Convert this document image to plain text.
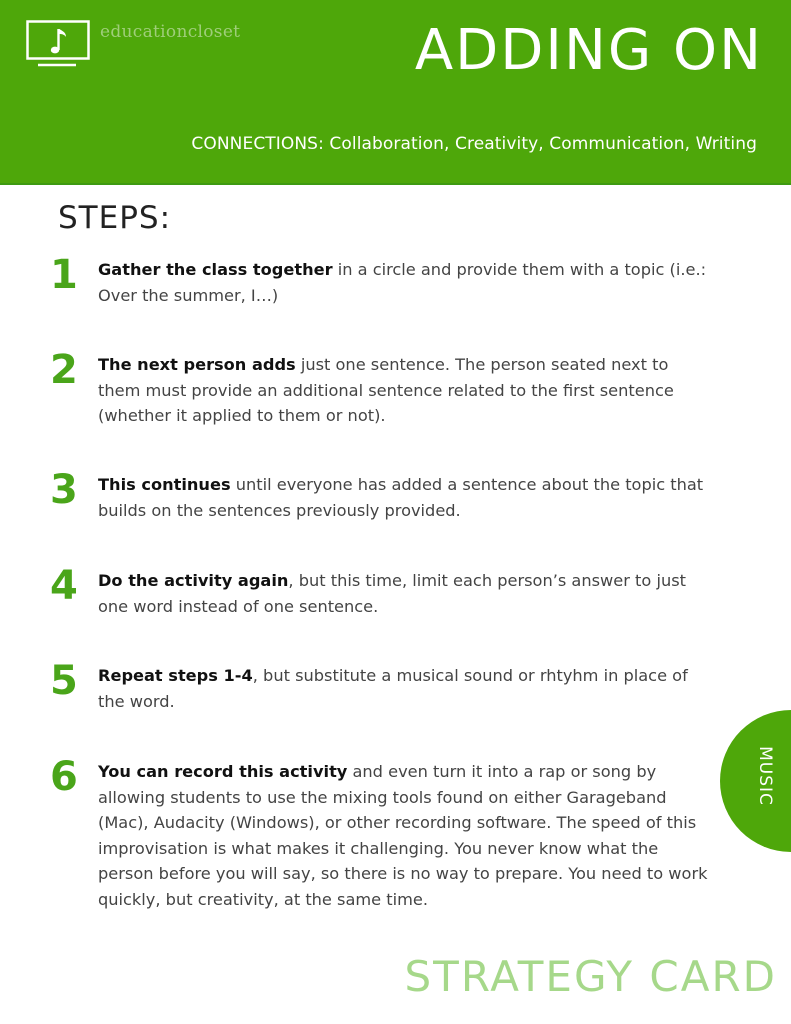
educationcloset	ADDING ON
CONNECTIONS: Collaboration, Creativity, Communication, Writing
STEPS:
1	Gather the class together in a circle and provide them with a topic (i.e.: Over the summer, I…)
2	The next person adds just one sentence. The person seated next to them must provide an additional sentence related to the first sentence (whether it applied to them or not).
3	This continues until everyone has added a sentence about the topic that builds on the sentences previously provided.
4	Do the activity again, but this time, limit each person’s answer to just one word instead of one sentence.
5	Repeat steps 1-4, but substitute a musical sound or rhtyhm in place of the word.
6	You can record this activity and even turn it into a rap or song by allowing students to use the mixing tools found on either Garageband (Mac), Audacity (Windows), or other recording software. The speed of this improvisation is what makes it challenging. You never know what the person before you will say, so there is no way to prepare. You need to work quickly, but creativity, at the same time.
MUSIC
STRATEGY CARD
